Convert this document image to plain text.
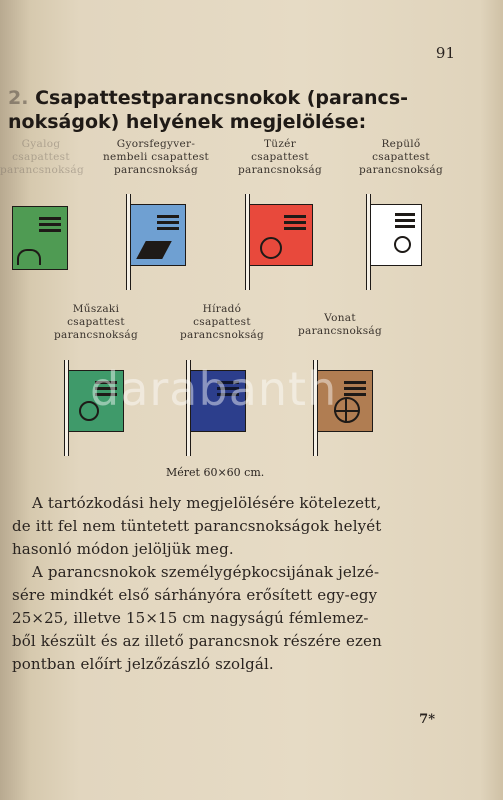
91
2. Csapattestparancsnokok (parancs-
nokságok) helyének megjelölése:
Gyalog
csapattest
parancsnokság
Gyorsfegyver-
nembeli csapattest
parancsnokság
Tüzér
csapattest
parancsnokság
Repülő
csapattest
parancsnokság
Műszaki
csapattest
parancsnokság
Híradó
csapattest
parancsnokság
Vonat
parancsnokság
Méret 60×60 cm.

A tartózkodási hely megjelölésére kötelezett,

de itt fel nem tüntetett parancsnokságok helyét

hasonló módon jelöljük meg.

A parancsnokok személygépkocsijának jelzé-

sére mindkét első sárhányóra erősített egy-egy

25×25, illetve 15×15 cm nagyságú fémlemez-

ből készült és az illető parancsnok részére ezen

pontban előírt jelzőzászló szolgál.

7*
darabanth
